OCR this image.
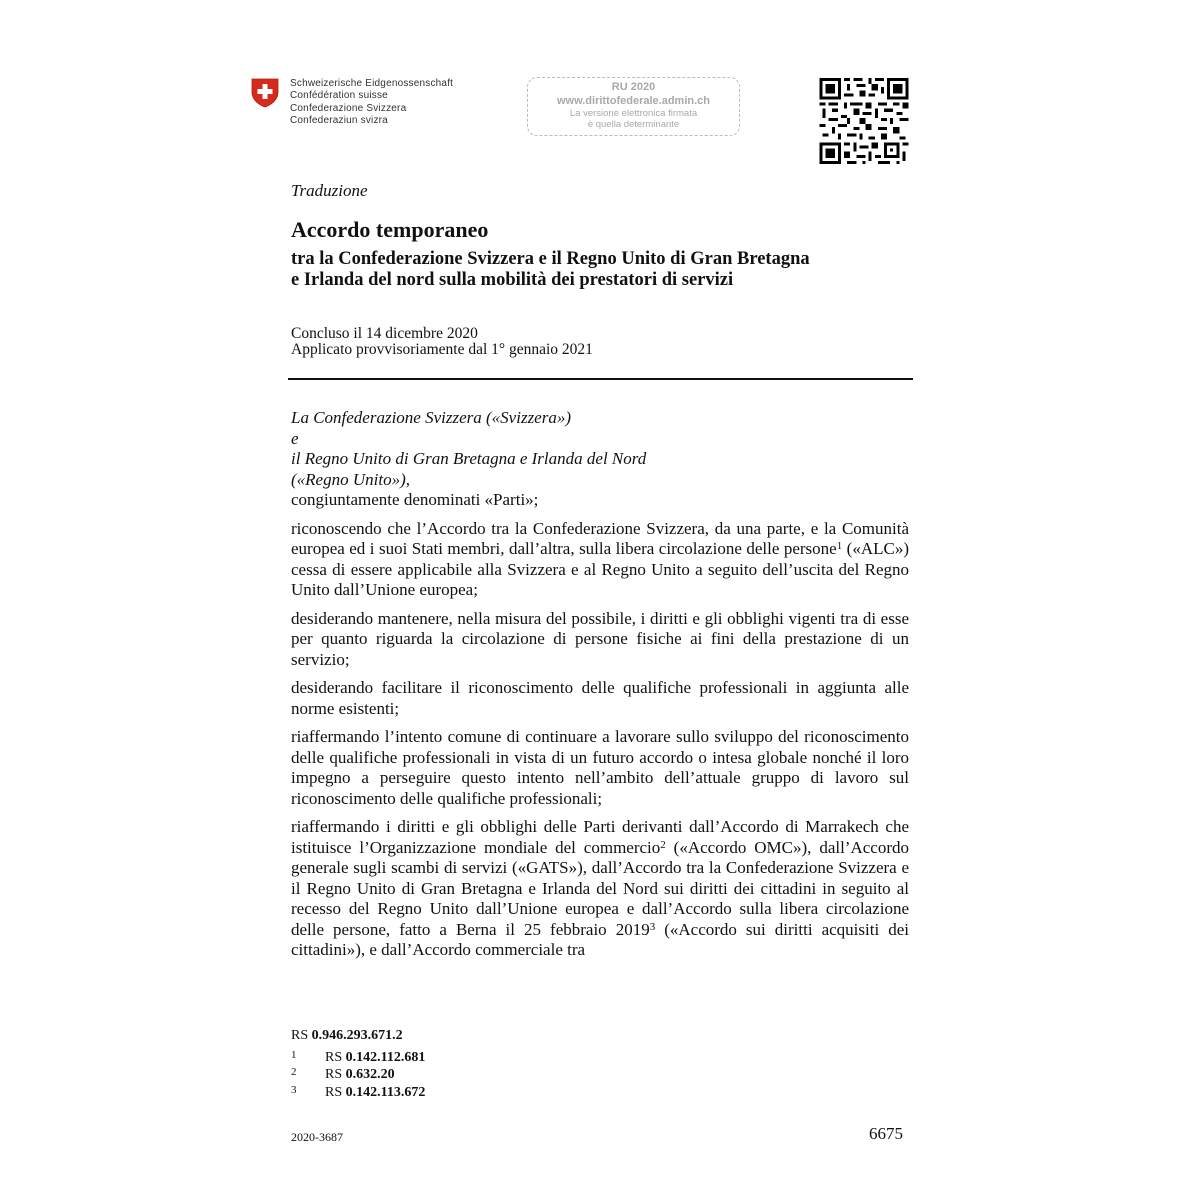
Schweizerische Eidgenossenschaft
Confédération suisse
Confederazione Svizzera
Confederaziun svizra
RU 2020
www.dirittofederale.admin.ch
La versione elettronica firmata
è quella determinante
Traduzione
Accordo temporaneo
tra la Confederazione Svizzera e il Regno Unito di Gran Bretagna
e Irlanda del nord sulla mobilità dei prestatori di servizi
Concluso il 14 dicembre 2020
Applicato provvisoriamente dal 1° gennaio 2021
La Confederazione Svizzera («Svizzera»)
e
il Regno Unito di Gran Bretagna e Irlanda del Nord
(«Regno Unito»),
congiuntamente denominati «Parti»;

riconoscendo che l’Accordo tra la Confederazione Svizzera, da una parte, e la Comunità europea ed i suoi Stati membri, dall’altra, sulla libera circolazione delle persone$^1$ («ALC») cessa di essere applicabile alla Svizzera e al Regno Unito a seguito dell’uscita del Regno Unito dall’Unione europea;

desiderando mantenere, nella misura del possibile, i diritti e gli obblighi vigenti tra di esse per quanto riguarda la circolazione di persone fisiche ai fini della prestazione di un servizio;

desiderando facilitare il riconoscimento delle qualifiche professionali in aggiunta alle norme esistenti;

riaffermando l’intento comune di continuare a lavorare sullo sviluppo del riconoscimento delle qualifiche professionali in vista di un futuro accordo o intesa globale nonché il loro impegno a perseguire questo intento nell’ambito dell’attuale gruppo di lavoro sul riconoscimento delle qualifiche professionali;

riaffermando i diritti e gli obblighi delle Parti derivanti dall’Accordo di Marrakech che istituisce l’Organizzazione mondiale del commercio$^2$ («Accordo OMC»), dall’Accordo generale sugli scambi di servizi («GATS»), dall’Accordo tra la Confederazione Svizzera e il Regno Unito di Gran Bretagna e Irlanda del Nord sui diritti dei cittadini in seguito al recesso del Regno Unito dall’Unione europea e dall’Accordo sulla libera circolazione delle persone, fatto a Berna il 25 febbraio 2019$^3$ («Accordo sui diritti acquisiti dei cittadini»), e dall’Accordo commerciale tra

RS 0.946.293.671.2
1 RS 0.142.112.681
2 RS 0.632.20
3 RS 0.142.113.672
2020-3687	6675
